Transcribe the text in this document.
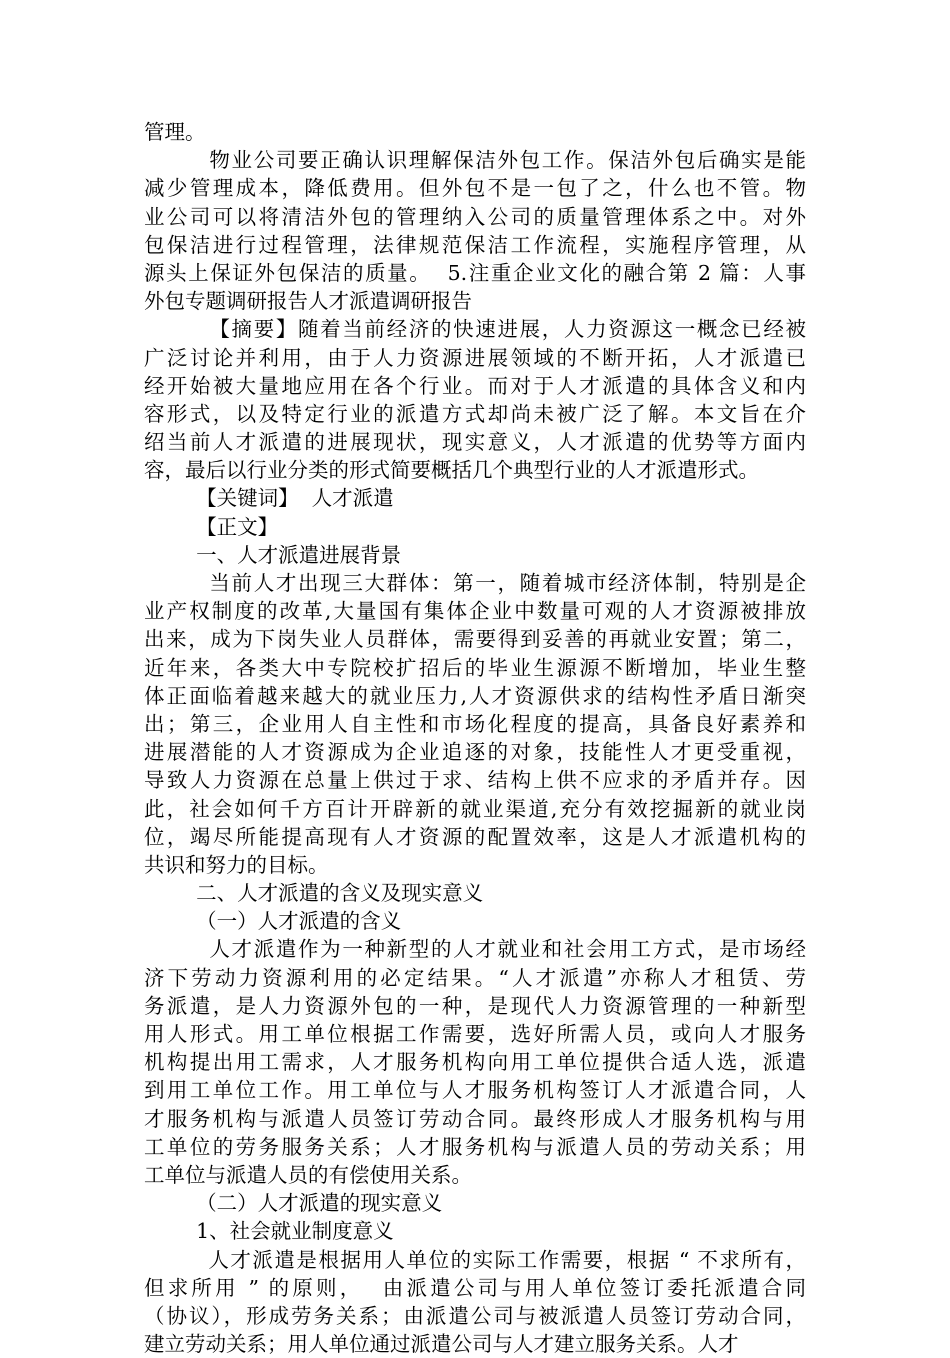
管理。
物业公司要正确认识理解保洁外包工作。保洁外包后确实是能
减少管理成本，降低费用。但外包不是一包了之，什么也不管。物
业公司可以将清洁外包的管理纳入公司的质量管理体系之中。对外
包保洁进行过程管理，法律规范保洁工作流程，实施程序管理，从
源头上保证外包保洁的质量。  5.注重企业文化的融合第 2 篇：人事
外包专题调研报告人才派遣调研报告
【摘要】随着当前经济的快速进展，人力资源这一概念已经被
广泛讨论并利用，由于人力资源进展领域的不断开拓，人才派遣已
经开始被大量地应用在各个行业。而对于人才派遣的具体含义和内
容形式，以及特定行业的派遣方式却尚未被广泛了解。本文旨在介
绍当前人才派遣的进展现状，现实意义，人才派遣的优势等方面内
容，最后以行业分类的形式简要概括几个典型行业的人才派遣形式。
【关键词】  人才派遣
【正文】
一、人才派遣进展背景
当前人才出现三大群体：第一，随着城市经济体制，特别是企
业产权制度的改革,大量国有集体企业中数量可观的人才资源被排放
出来，成为下岗失业人员群体，需要得到妥善的再就业安置；第二，
近年来，各类大中专院校扩招后的毕业生源源不断增加，毕业生整
体正面临着越来越大的就业压力,人才资源供求的结构性矛盾日渐突
出；第三，企业用人自主性和市场化程度的提高，具备良好素养和
进展潜能的人才资源成为企业追逐的对象，技能性人才更受重视，
导致人力资源在总量上供过于求、结构上供不应求的矛盾并存。因
此，社会如何千方百计开辟新的就业渠道,充分有效挖掘新的就业岗
位，竭尽所能提高现有人才资源的配置效率，这是人才派遣机构的
共识和努力的目标。
二、人才派遣的含义及现实意义
（一）人才派遣的含义
人才派遣作为一种新型的人才就业和社会用工方式，是市场经
济下劳动力资源利用的必定结果。“人才派遣”亦称人才租赁、劳
务派遣，是人力资源外包的一种，是现代人力资源管理的一种新型
用人形式。用工单位根据工作需要，选好所需人员，或向人才服务
机构提出用工需求，人才服务机构向用工单位提供合适人选，派遣
到用工单位工作。用工单位与人才服务机构签订人才派遣合同，人
才服务机构与派遣人员签订劳动合同。最终形成人才服务机构与用
工单位的劳务服务关系；人才服务机构与派遣人员的劳动关系；用
工单位与派遣人员的有偿使用关系。
（二）人才派遣的现实意义
1、社会就业制度意义
人才派遣是根据用人单位的实际工作需要，根据 “ 不求所有，
但求所用 ” 的原则，  由派遣公司与用人单位签订委托派遣合同
（协议），形成劳务关系；由派遣公司与被派遣人员签订劳动合同，
建立劳动关系；用人单位通过派遣公司与人才建立服务关系。人才
